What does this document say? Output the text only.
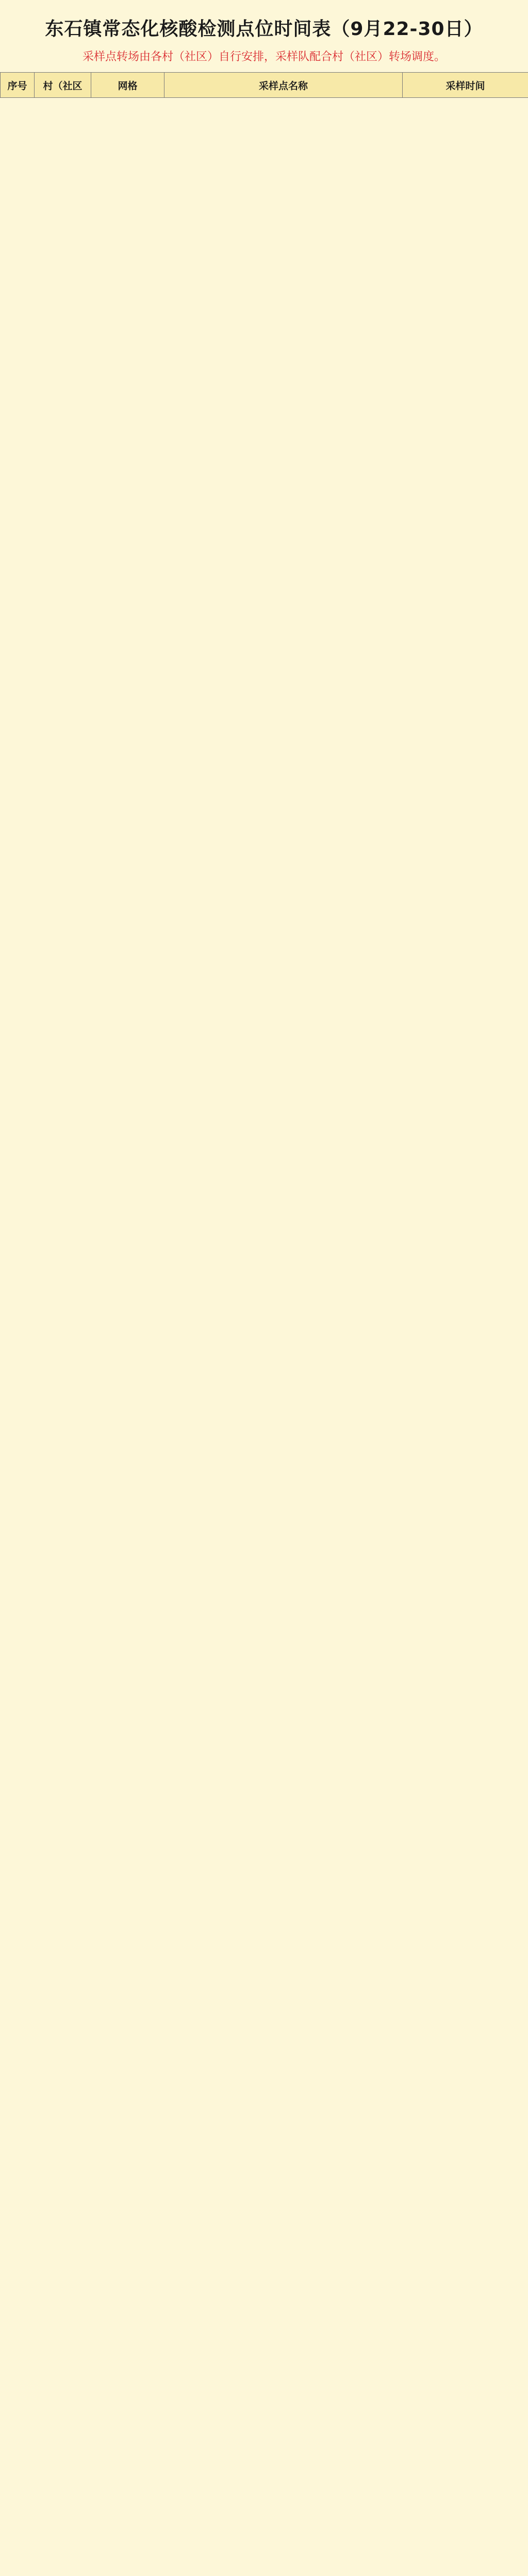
东石镇常态化核酸检测点位时间表（9月22-30日）
采样点转场由各村（社区）自行安排，采样队配合村（社区）转场调度。
序号	村（社区	网格	采样点名称	采样时间
